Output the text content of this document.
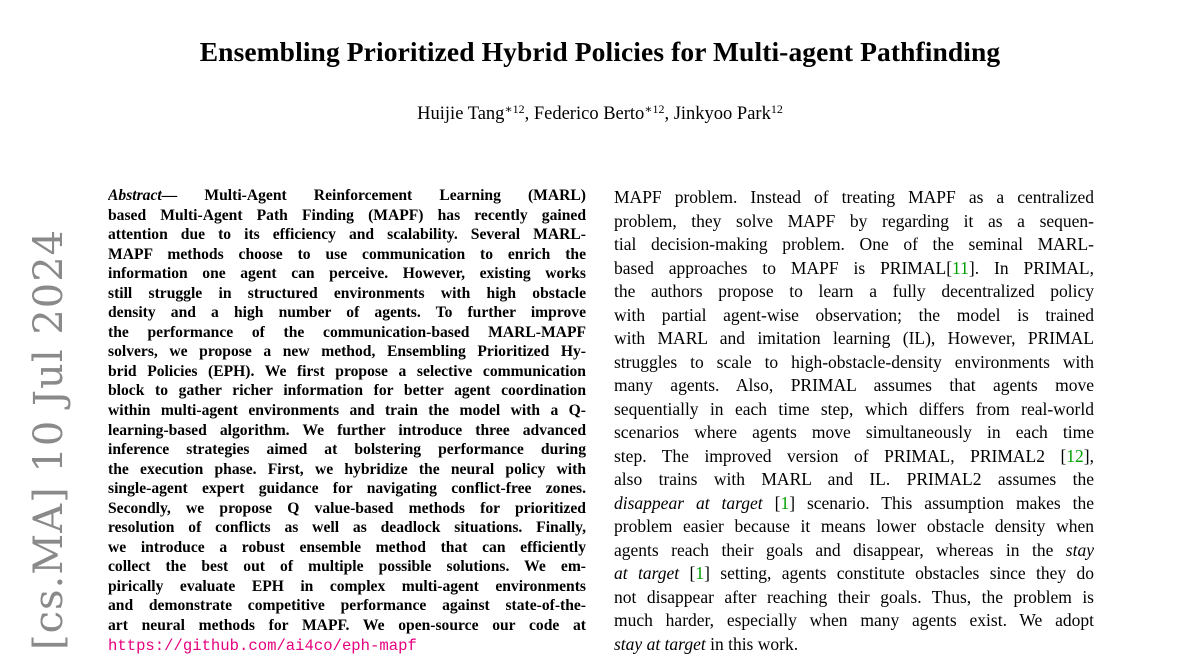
Ensembling Prioritized Hybrid Policies for Multi-agent Pathfinding
Huijie Tang$^{∗12}$, Federico Berto$^{∗12}$, Jinkyoo Park$^{12}$
[cs.MA] 10 Jul 2024
Abstract— Multi-Agent Reinforcement Learning (MARL)
based Multi-Agent Path Finding (MAPF) has recently gained
attention due to its efficiency and scalability. Several MARL-
MAPF methods choose to use communication to enrich the
information one agent can perceive. However, existing works
still struggle in structured environments with high obstacle
density and a high number of agents. To further improve
the performance of the communication-based MARL-MAPF
solvers, we propose a new method, Ensembling Prioritized Hy-
brid Policies (EPH). We first propose a selective communication
block to gather richer information for better agent coordination
within multi-agent environments and train the model with a Q-
learning-based algorithm. We further introduce three advanced
inference strategies aimed at bolstering performance during
the execution phase. First, we hybridize the neural policy with
single-agent expert guidance for navigating conflict-free zones.
Secondly, we propose Q value-based methods for prioritized
resolution of conflicts as well as deadlock situations. Finally,
we introduce a robust ensemble method that can efficiently
collect the best out of multiple possible solutions. We em-
pirically evaluate EPH in complex multi-agent environments
and demonstrate competitive performance against state-of-the-
art neural methods for MAPF. We open-source our code at
https://github.com/ai4co/eph-mapf
MAPF problem. Instead of treating MAPF as a centralized
problem, they solve MAPF by regarding it as a sequen-
tial decision-making problem. One of the seminal MARL-
based approaches to MAPF is PRIMAL[11]. In PRIMAL,
the authors propose to learn a fully decentralized policy
with partial agent-wise observation; the model is trained
with MARL and imitation learning (IL), However, PRIMAL
struggles to scale to high-obstacle-density environments with
many agents. Also, PRIMAL assumes that agents move
sequentially in each time step, which differs from real-world
scenarios where agents move simultaneously in each time
step. The improved version of PRIMAL, PRIMAL2 [12],
also trains with MARL and IL. PRIMAL2 assumes the
disappear at target [1] scenario. This assumption makes the
problem easier because it means lower obstacle density when
agents reach their goals and disappear, whereas in the stay
at target [1] setting, agents constitute obstacles since they do
not disappear after reaching their goals. Thus, the problem is
much harder, especially when many agents exist. We adopt
stay at target in this work.
